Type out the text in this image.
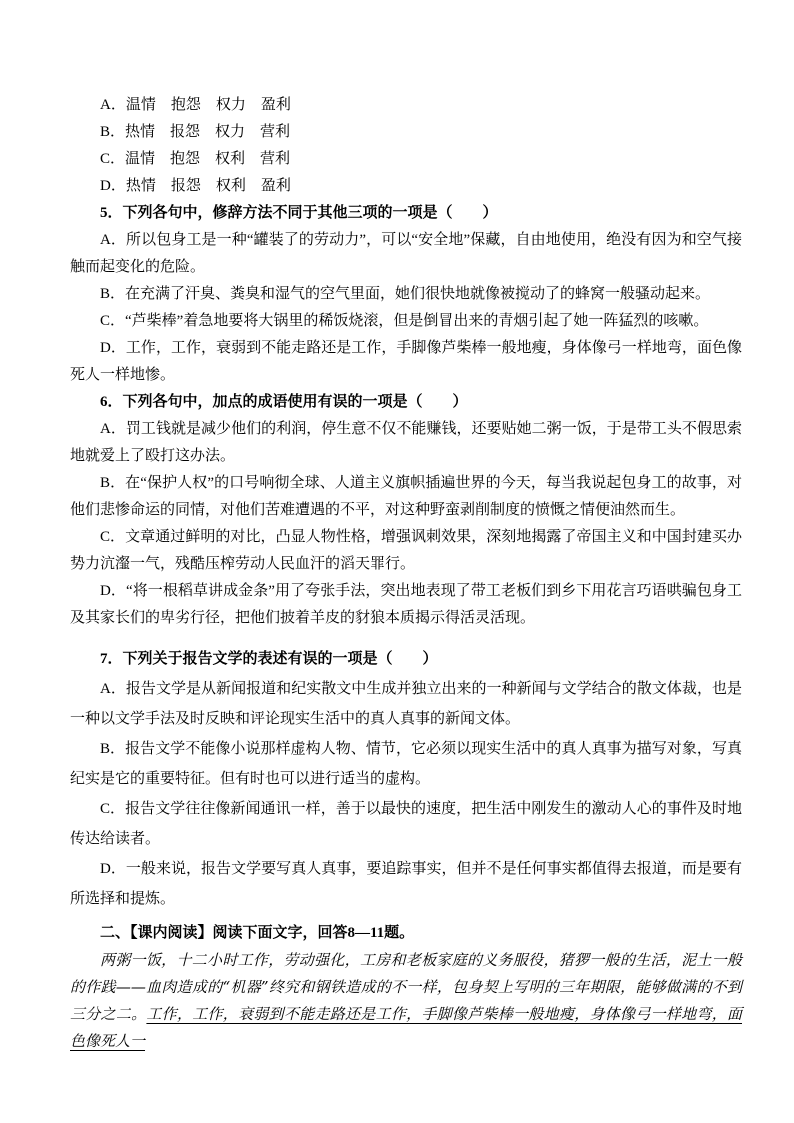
A．温情　抱怨　权力　盈利

B．热情　报怨　权力　营利

C．温情　抱怨　权利　营利

D．热情　报怨　权利　盈利

5．下列各句中，修辞方法不同于其他三项的一项是（　　）

A．所以包身工是一种“罐装了的劳动力”，可以“安全地”保藏，自由地使用，绝没有因为和空气接触而起变化的危险。

B．在充满了汗臭、粪臭和湿气的空气里面，她们很快地就像被搅动了的蜂窝一般骚动起来。

C．“芦柴棒”着急地要将大锅里的稀饭烧滚，但是倒冒出来的青烟引起了她一阵猛烈的咳嗽。

D．工作，工作，衰弱到不能走路还是工作，手脚像芦柴棒一般地瘦，身体像弓一样地弯，面色像死人一样地惨。

6．下列各句中，加点的成语使用有误的一项是（　　）

A．罚工钱就是减少他们的利润，停生意不仅不能赚钱，还要贴她二粥一饭，于是带工头不假思索地就爱上了殴打这办法。

B．在“保护人权”的口号响彻全球、人道主义旗帜插遍世界的今天，每当我说起包身工的故事，对他们悲惨命运的同情，对他们苦难遭遇的不平，对这种野蛮剥削制度的愤慨之情便油然而生。

C．文章通过鲜明的对比，凸显人物性格，增强讽刺效果，深刻地揭露了帝国主义和中国封建买办势力沆瀣一气，残酷压榨劳动人民血汗的滔天罪行。

D．“将一根稻草讲成金条”用了夸张手法，突出地表现了带工老板们到乡下用花言巧语哄骗包身工及其家长们的卑劣行径，把他们披着羊皮的豺狼本质揭示得活灵活现。

7．下列关于报告文学的表述有误的一项是（　　）

A．报告文学是从新闻报道和纪实散文中生成并独立出来的一种新闻与文学结合的散文体裁，也是一种以文学手法及时反映和评论现实生活中的真人真事的新闻文体。

B．报告文学不能像小说那样虚构人物、情节，它必须以现实生活中的真人真事为描写对象，写真纪实是它的重要特征。但有时也可以进行适当的虚构。

C．报告文学往往像新闻通讯一样，善于以最快的速度，把生活中刚发生的激动人心的事件及时地传达给读者。

D．一般来说，报告文学要写真人真事，要追踪事实，但并不是任何事实都值得去报道，而是要有所选择和提炼。

二、【课内阅读】阅读下面文字，回答8—11题。

两粥一饭，十二小时工作，劳动强化，工房和老板家庭的义务服役，猪猡一般的生活，泥土一般的作践——血肉造成的“机器”终究和钢铁造成的不一样，包身契上写明的三年期限，能够做满的不到三分之二。工作，工作，衰弱到不能走路还是工作，手脚像芦柴棒一般地瘦，身体像弓一样地弯，面色像死人一
